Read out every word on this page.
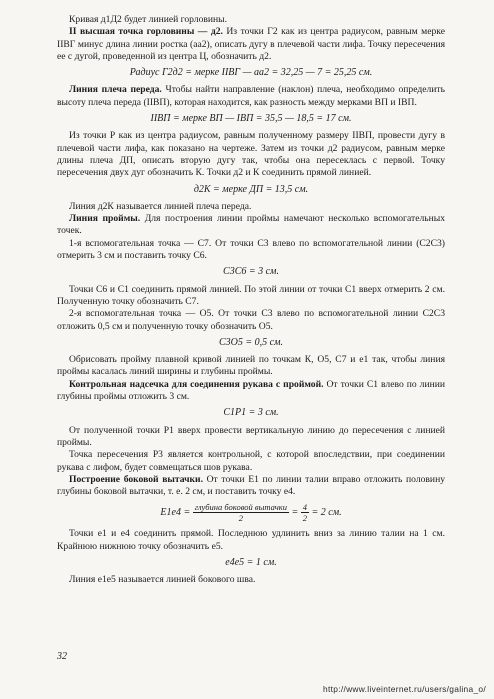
Кривая д1Д2 будет линией горловины.

II высшая точка горловины — д2. Из точки Г2 как из центра радиусом, равным мерке IIВГ минус длина линии ростка (аа2), описать дугу в плечевой части лифа. Точку пересечения ее с дугой, проведенной из центра Ц, обозначить д2.

Радиус Г2д2 = мерке IIВГ — аа2 = 32,25 — 7 = 25,25 см.

Линия плеча переда. Чтобы найти направление (наклон) плеча, необходимо определить высоту плеча переда (IIВП), которая находится, как разность между мерками ВП и IВП.

IIВП = мерке ВП — IВП = 35,5 — 18,5 = 17 см.

Из точки Р как из центра радиусом, равным полученному размеру IIВП, провести дугу в плечевой части лифа, как показано на чертеже. Затем из точки д2 радиусом, равным мерке длины плеча ДП, описать вторую дугу так, чтобы она пересеклась с первой. Точку пересечения двух дуг обозначить К. Точки д2 и К соединить прямой линией.

д2К = мерке ДП = 13,5 см.

Линия д2К называется линией плеча переда.

Линия проймы. Для построения линии проймы намечают несколько вспомогательных точек.

1-я вспомогательная точка — С7. От точки С3 влево по вспомогательной линии (С2С3) отмерить 3 см и поставить точку С6.

С3С6 = 3 см.

Точки С6 и С1 соединить прямой линией. По этой линии от точки С1 вверх отмерить 2 см. Полученную точку обозначить С7.

2-я вспомогательная точка — О5. От точки С3 влево по вспомогательной линии С2С3 отложить 0,5 см и полученную точку обозначить О5.

С3О5 = 0,5 см.

Обрисовать пройму плавной кривой линией по точкам К, О5, С7 и е1 так, чтобы линия проймы касалась линий ширины и глубины проймы.

Контрольная надсечка для соединения рукава с проймой. От точки С1 влево по линии глубины проймы отложить 3 см.

С1Р1 = 3 см.

От полученной точки Р1 вверх провести вертикальную линию до пересечения с линией проймы.

Точка пересечения Р3 является контрольной, с которой впоследствии, при соединении рукава с лифом, будет совмещаться шов рукава.

Построение боковой вытачки. От точки Е1 по линии талии вправо отложить половину глубины боковой вытачки, т. е. 2 см, и поставить точку е4.

$Е1е4 = \frac{\text{глубина боковой вытачки}}{2} = \frac{4}{2} = 2$ см.

Точки е1 и е4 соединить прямой. Последнюю удлинить вниз за линию талии на 1 см. Крайнюю нижнюю точку обозначить е5.

е4е5 = 1 см.

Линия е1е5 называется линией бокового шва.

32
http://www.liveinternet.ru/users/galina_o/
